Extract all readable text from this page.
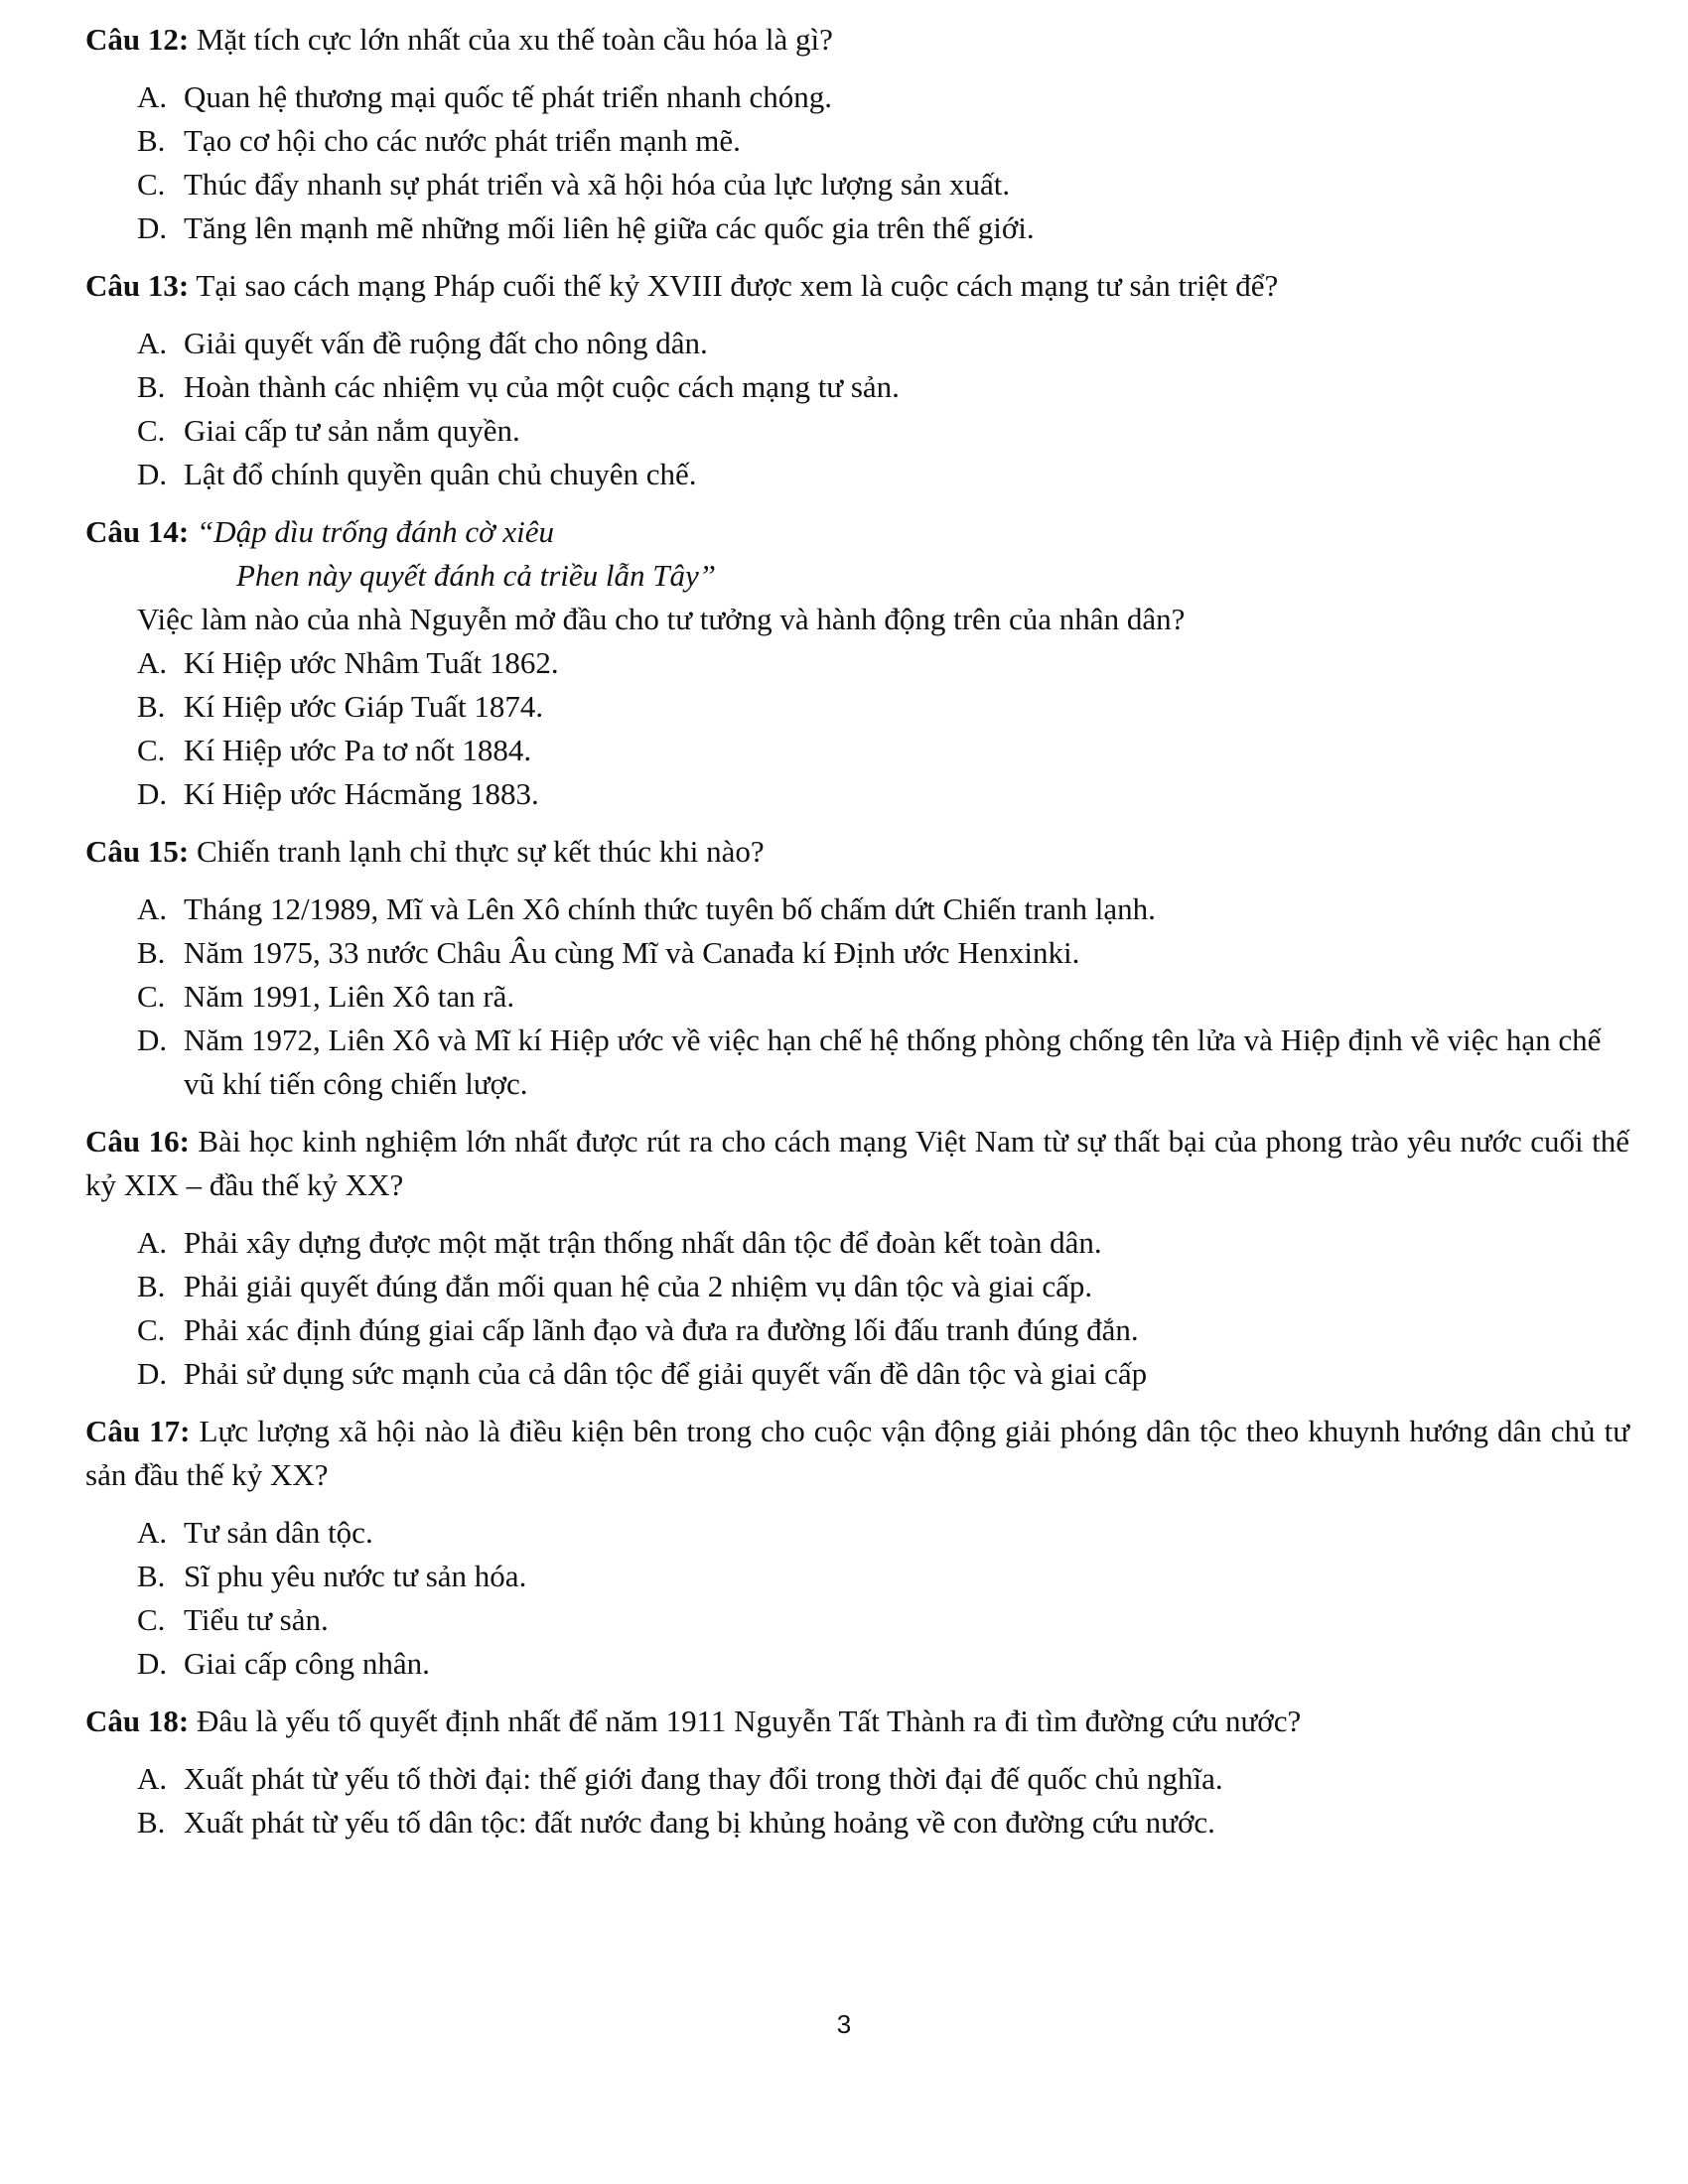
Câu 12: Mặt tích cực lớn nhất của xu thế toàn cầu hóa là gì?
A. Quan hệ thương mại quốc tế phát triển nhanh chóng.
B. Tạo cơ hội cho các nước phát triển mạnh mẽ.
C. Thúc đẩy nhanh sự phát triển và xã hội hóa của lực lượng sản xuất.
D. Tăng lên mạnh mẽ những mối liên hệ giữa các quốc gia trên thế giới.
Câu 13: Tại sao cách mạng Pháp cuối thế kỷ XVIII được xem là cuộc cách mạng tư sản triệt để?
A. Giải quyết vấn đề ruộng đất cho nông dân.
B. Hoàn thành các nhiệm vụ của một cuộc cách mạng tư sản.
C. Giai cấp tư sản nắm quyền.
D. Lật đổ chính quyền quân chủ chuyên chế.
Câu 14: “Dập dìu trống đánh cờ xiêu
Phen này quyết đánh cả triều lẫn Tây”
Việc làm nào của nhà Nguyễn mở đầu cho tư tưởng và hành động trên của nhân dân?
A. Kí Hiệp ước Nhâm Tuất 1862.
B. Kí Hiệp ước Giáp Tuất 1874.
C. Kí Hiệp ước Pa tơ nốt 1884.
D. Kí Hiệp ước Hácmăng 1883.
Câu 15: Chiến tranh lạnh chỉ thực sự kết thúc khi nào?
A. Tháng 12/1989, Mĩ và Lên Xô chính thức tuyên bố chấm dứt Chiến tranh lạnh.
B. Năm 1975, 33 nước Châu Âu cùng Mĩ và Canađa kí Định ước Henxinki.
C. Năm 1991, Liên Xô tan rã.
D. Năm 1972, Liên Xô và Mĩ kí Hiệp ước về việc hạn chế hệ thống phòng chống tên lửa và Hiệp định về việc hạn chế vũ khí tiến công chiến lược.
Câu 16: Bài học kinh nghiệm lớn nhất được rút ra cho cách mạng Việt Nam từ sự thất bại của phong trào yêu nước cuối thế kỷ XIX – đầu thế kỷ XX?
A. Phải xây dựng được một mặt trận thống nhất dân tộc để đoàn kết toàn dân.
B. Phải giải quyết đúng đắn mối quan hệ của 2 nhiệm vụ dân tộc và giai cấp.
C. Phải xác định đúng giai cấp lãnh đạo và đưa ra đường lối đấu tranh đúng đắn.
D. Phải sử dụng sức mạnh của cả dân tộc để giải quyết vấn đề dân tộc và giai cấp
Câu 17: Lực lượng xã hội nào là điều kiện bên trong cho cuộc vận động giải phóng dân tộc theo khuynh hướng dân chủ tư sản đầu thế kỷ XX?
A. Tư sản dân tộc.
B. Sĩ phu yêu nước tư sản hóa.
C. Tiểu tư sản.
D. Giai cấp công nhân.
Câu 18: Đâu là yếu tố quyết định nhất để năm 1911 Nguyễn Tất Thành ra đi tìm đường cứu nước?
A. Xuất phát từ yếu tố thời đại: thế giới đang thay đổi trong thời đại đế quốc chủ nghĩa.
B. Xuất phát từ yếu tố dân tộc: đất nước đang bị khủng hoảng về con đường cứu nước.
3
